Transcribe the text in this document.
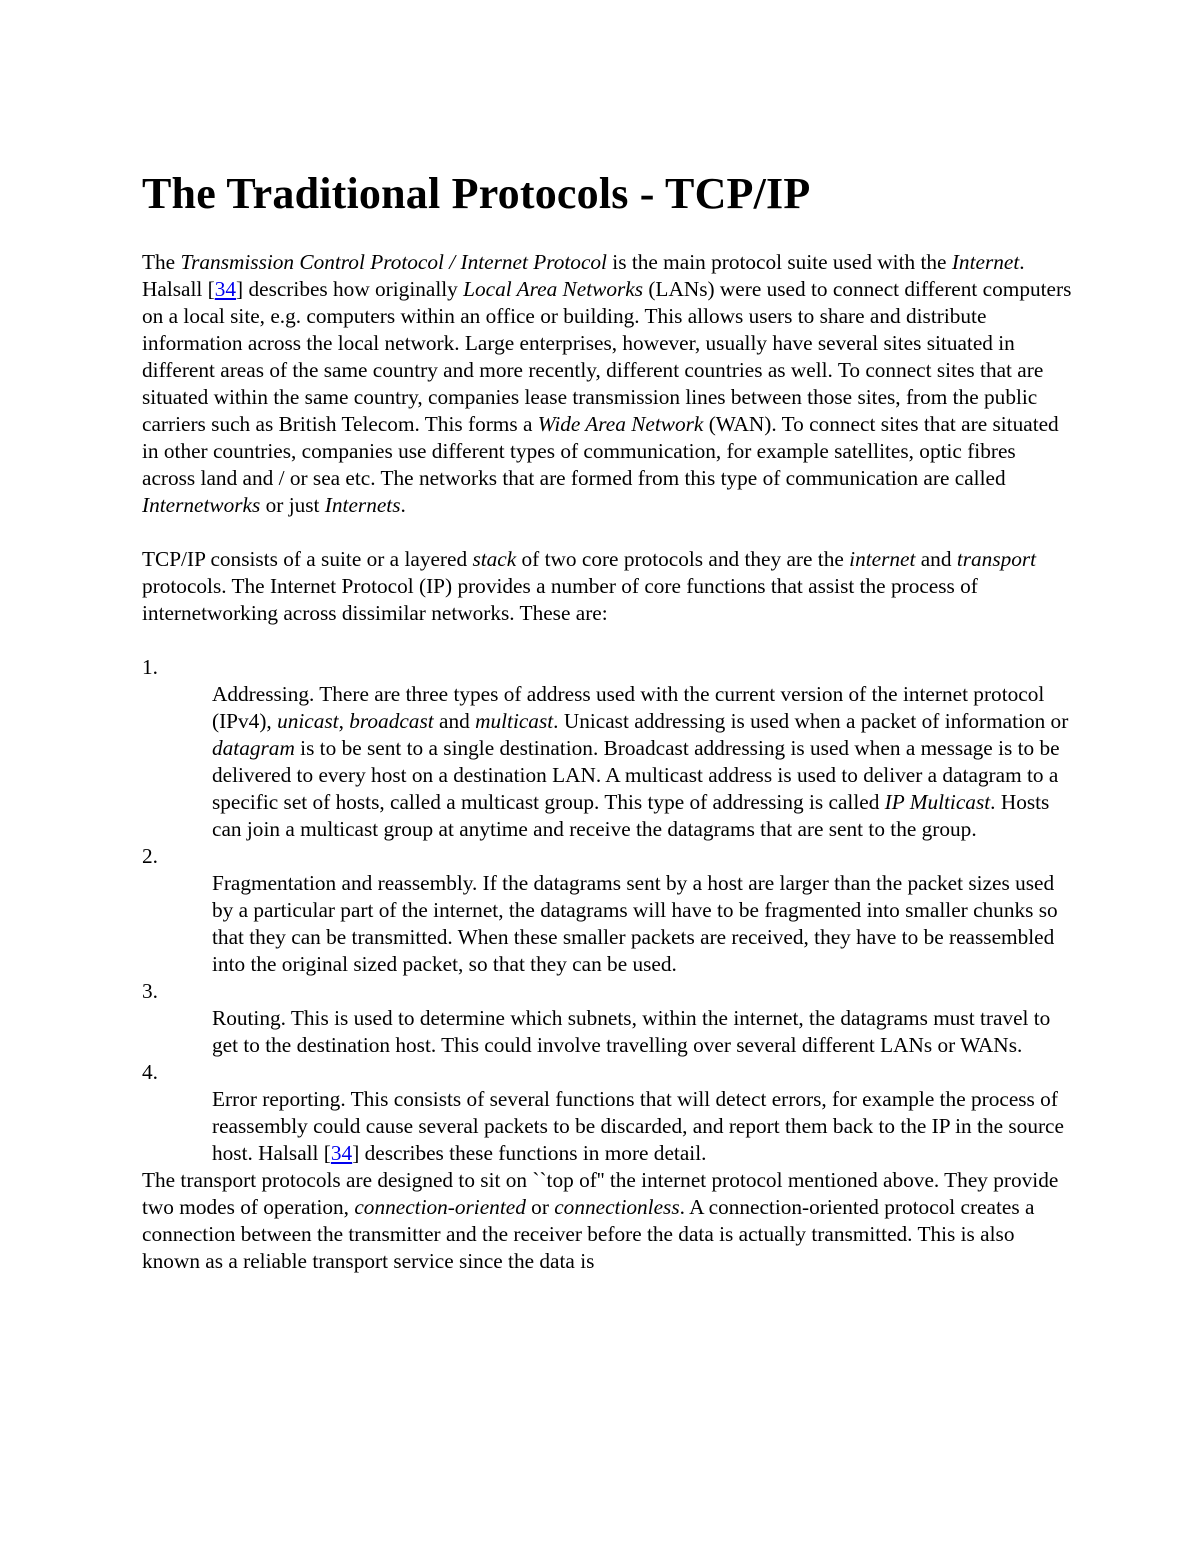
The Traditional Protocols - TCP/IP

The Transmission Control Protocol / Internet Protocol is the main protocol suite used with the Internet. Halsall [34] describes how originally Local Area Networks (LANs) were used to connect different computers on a local site, e.g. computers within an office or building. This allows users to share and distribute information across the local network. Large enterprises, however, usually have several sites situated in different areas of the same country and more recently, different countries as well. To connect sites that are situated within the same country, companies lease transmission lines between those sites, from the public carriers such as British Telecom. This forms a Wide Area Network (WAN). To connect sites that are situated in other countries, companies use different types of communication, for example satellites, optic fibres across land and / or sea etc. The networks that are formed from this type of communication are called Internetworks or just Internets.

TCP/IP consists of a suite or a layered stack of two core protocols and they are the internet and transport protocols. The Internet Protocol (IP) provides a number of core functions that assist the process of internetworking across dissimilar networks. These are:

1.
Addressing. There are three types of address used with the current version of the internet protocol (IPv4), unicast, broadcast and multicast. Unicast addressing is used when a packet of information or datagram is to be sent to a single destination. Broadcast addressing is used when a message is to be delivered to every host on a destination LAN. A multicast address is used to deliver a datagram to a specific set of hosts, called a multicast group. This type of addressing is called IP Multicast. Hosts can join a multicast group at anytime and receive the datagrams that are sent to the group.
2.
Fragmentation and reassembly. If the datagrams sent by a host are larger than the packet sizes used by a particular part of the internet, the datagrams will have to be fragmented into smaller chunks so that they can be transmitted. When these smaller packets are received, they have to be reassembled into the original sized packet, so that they can be used.
3.
Routing. This is used to determine which subnets, within the internet, the datagrams must travel to get to the destination host. This could involve travelling over several different LANs or WANs.
4.
Error reporting. This consists of several functions that will detect errors, for example the process of reassembly could cause several packets to be discarded, and report them back to the IP in the source host. Halsall [34] describes these functions in more detail.

The transport protocols are designed to sit on ``top of'' the internet protocol mentioned above. They provide two modes of operation, connection-oriented or connectionless. A connection-oriented protocol creates a connection between the transmitter and the receiver before the data is actually transmitted. This is also known as a reliable transport service since the data is
